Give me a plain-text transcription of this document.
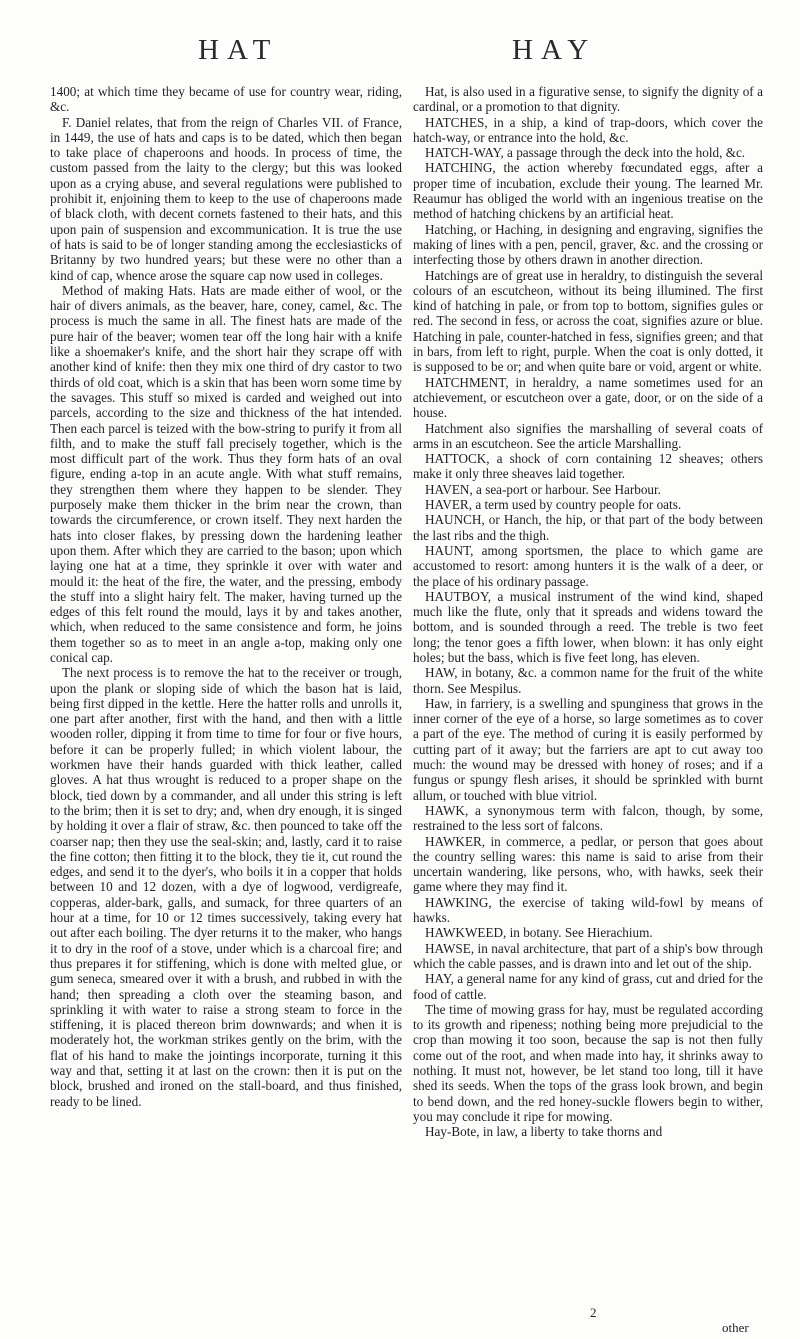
HAT	HAY

1400; at which time they became of use for country wear, riding, &c.

F. Daniel relates, that from the reign of Charles VII. of France, in 1449, the use of hats and caps is to be dated, which then began to take place of chaperoons and hoods. In process of time, the custom passed from the laity to the clergy; but this was looked upon as a crying abuse, and several regulations were published to prohibit it, enjoining them to keep to the use of chaperoons made of black cloth, with decent cornets fastened to their hats, and this upon pain of suspension and excommunication. It is true the use of hats is said to be of longer standing among the ecclesiasticks of Britanny by two hundred years; but these were no other than a kind of cap, whence arose the square cap now used in colleges.

Method of making Hats. Hats are made either of wool, or the hair of divers animals, as the beaver, hare, coney, camel, &c. The process is much the same in all. The finest hats are made of the pure hair of the beaver; women tear off the long hair with a knife like a shoemaker's knife, and the short hair they scrape off with another kind of knife: then they mix one third of dry castor to two thirds of old coat, which is a skin that has been worn some time by the savages. This stuff so mixed is carded and weighed out into parcels, according to the size and thickness of the hat intended. Then each parcel is teized with the bow-string to purify it from all filth, and to make the stuff fall precisely together, which is the most difficult part of the work. Thus they form hats of an oval figure, ending a-top in an acute angle. With what stuff remains, they strengthen them where they happen to be slender. They purposely make them thicker in the brim near the crown, than towards the circumference, or crown itself. They next harden the hats into closer flakes, by pressing down the hardening leather upon them. After which they are carried to the bason; upon which laying one hat at a time, they sprinkle it over with water and mould it: the heat of the fire, the water, and the pressing, embody the stuff into a slight hairy felt. The maker, having turned up the edges of this felt round the mould, lays it by and takes another, which, when reduced to the same consistence and form, he joins them together so as to meet in an angle a-top, making only one conical cap.

The next process is to remove the hat to the receiver or trough, upon the plank or sloping side of which the bason hat is laid, being first dipped in the kettle. Here the hatter rolls and unrolls it, one part after another, first with the hand, and then with a little wooden roller, dipping it from time to time for four or five hours, before it can be properly fulled; in which violent labour, the workmen have their hands guarded with thick leather, called gloves. A hat thus wrought is reduced to a proper shape on the block, tied down by a commander, and all under this string is left to the brim; then it is set to dry; and, when dry enough, it is singed by holding it over a flair of straw, &c. then pounced to take off the coarser nap; then they use the seal-skin; and, lastly, card it to raise the fine cotton; then fitting it to the block, they tie it, cut round the edges, and send it to the dyer's, who boils it in a copper that holds between 10 and 12 dozen, with a dye of logwood, verdigreafe, copperas, alder-bark, galls, and sumack, for three quarters of an hour at a time, for 10 or 12 times successively, taking every hat out after each boiling. The dyer returns it to the maker, who hangs it to dry in the roof of a stove, under which is a charcoal fire; and thus prepares it for stiffening, which is done with melted glue, or gum seneca, smeared over it with a brush, and rubbed in with the hand; then spreading a cloth over the steaming bason, and sprinkling it with water to raise a strong steam to force in the stiffening, it is placed thereon brim downwards; and when it is moderately hot, the workman strikes gently on the brim, with the flat of his hand to make the jointings incorporate, turning it this way and that, setting it at last on the crown: then it is put on the block, brushed and ironed on the stall-board, and thus finished, ready to be lined.

Hat, is also used in a figurative sense, to signify the dignity of a cardinal, or a promotion to that dignity.

HATCHES, in a ship, a kind of trap-doors, which cover the hatch-way, or entrance into the hold, &c.

HATCH-WAY, a passage through the deck into the hold, &c.

HATCHING, the action whereby fœcundated eggs, after a proper time of incubation, exclude their young. The learned Mr. Reaumur has obliged the world with an ingenious treatise on the method of hatching chickens by an artificial heat.

Hatching, or Haching, in designing and engraving, signifies the making of lines with a pen, pencil, graver, &c. and the crossing or interfecting those by others drawn in another direction.

Hatchings are of great use in heraldry, to distinguish the several colours of an escutcheon, without its being illumined. The first kind of hatching in pale, or from top to bottom, signifies gules or red. The second in fess, or across the coat, signifies azure or blue. Hatching in pale, counter-hatched in fess, signifies green; and that in bars, from left to right, purple. When the coat is only dotted, it is supposed to be or; and when quite bare or void, argent or white.

HATCHMENT, in heraldry, a name sometimes used for an atchievement, or escutcheon over a gate, door, or on the side of a house.

Hatchment also signifies the marshalling of several coats of arms in an escutcheon. See the article Marshalling.

HATTOCK, a shock of corn containing 12 sheaves; others make it only three sheaves laid together.

HAVEN, a sea-port or harbour. See Harbour.

HAVER, a term used by country people for oats.

HAUNCH, or Hanch, the hip, or that part of the body between the last ribs and the thigh.

HAUNT, among sportsmen, the place to which game are accustomed to resort: among hunters it is the walk of a deer, or the place of his ordinary passage.

HAUTBOY, a musical instrument of the wind kind, shaped much like the flute, only that it spreads and widens toward the bottom, and is sounded through a reed. The treble is two feet long; the tenor goes a fifth lower, when blown: it has only eight holes; but the bass, which is five feet long, has eleven.

HAW, in botany, &c. a common name for the fruit of the white thorn. See Mespilus.

Haw, in farriery, is a swelling and spunginess that grows in the inner corner of the eye of a horse, so large sometimes as to cover a part of the eye. The method of curing it is easily performed by cutting part of it away; but the farriers are apt to cut away too much: the wound may be dressed with honey of roses; and if a fungus or spungy flesh arises, it should be sprinkled with burnt allum, or touched with blue vitriol.

HAWK, a synonymous term with falcon, though, by some, restrained to the less sort of falcons.

HAWKER, in commerce, a pedlar, or person that goes about the country selling wares: this name is said to arise from their uncertain wandering, like persons, who, with hawks, seek their game where they may find it.

HAWKING, the exercise of taking wild-fowl by means of hawks.

HAWKWEED, in botany. See Hierachium.

HAWSE, in naval architecture, that part of a ship's bow through which the cable passes, and is drawn into and let out of the ship.

HAY, a general name for any kind of grass, cut and dried for the food of cattle.

The time of mowing grass for hay, must be regulated according to its growth and ripeness; nothing being more prejudicial to the crop than mowing it too soon, because the sap is not then fully come out of the root, and when made into hay, it shrinks away to nothing. It must not, however, be let stand too long, till it have shed its seeds. When the tops of the grass look brown, and begin to bend down, and the red honey-suckle flowers begin to wither, you may conclude it ripe for mowing.

Hay-Bote, in law, a liberty to take thorns and

2
other
